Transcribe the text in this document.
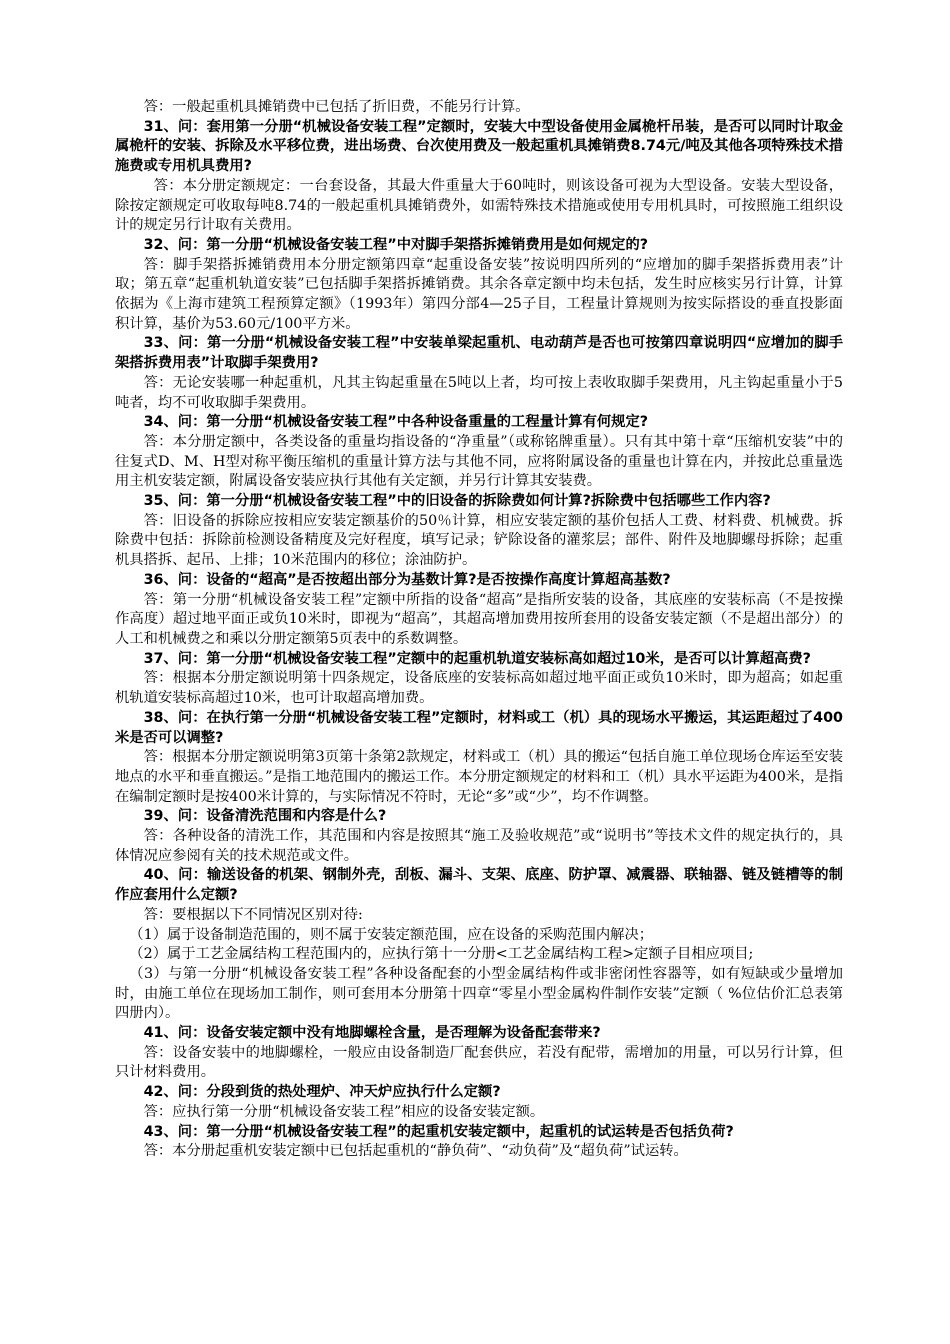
答：一般起重机具摊销费中已包括了折旧费，不能另行计算。

31、问：套用第一分册“机械设备安装工程”定额时，安装大中型设备使用金属桅杆吊装，是否可以同时计取金属桅杆的安装、拆除及水平移位费，进出场费、台次使用费及一般起重机具摊销费8.74元/吨及其他各项特殊技术措施费或专用机具费用?

答：本分册定额规定：一台套设备，其最大件重量大于60吨时，则该设备可视为大型设备。安装大型设备，除按定额规定可收取每吨8.74的一般起重机具摊销费外，如需特殊技术措施或使用专用机具时，可按照施工组织设计的规定另行计取有关费用。

32、问：第一分册“机械设备安装工程”中对脚手架搭拆摊销费用是如何规定的?

答：脚手架搭拆摊销费用本分册定额第四章“起重设备安装”按说明四所列的“应增加的脚手架搭拆费用表”计取；第五章“起重机轨道安装”已包括脚手架搭拆摊销费。其余各章定额中均未包括，发生时应核实另行计算，计算依据为《上海市建筑工程预算定额》（1993年）第四分部4—25子目，工程量计算规则为按实际搭设的垂直投影面积计算，基价为53.60元/100平方米。

33、问：第一分册“机械设备安装工程”中安装单梁起重机、电动葫芦是否也可按第四章说明四“应增加的脚手架搭拆费用表”计取脚手架费用?

答：无论安装哪一种起重机，凡其主钩起重量在5吨以上者，均可按上表收取脚手架费用，凡主钩起重量小于5吨者，均不可收取脚手架费用。

34、问：第一分册“机械设备安装工程”中各种设备重量的工程量计算有何规定?

答：本分册定额中，各类设备的重量均指设备的“净重量”（或称铭牌重量）。只有其中第十章“压缩机安装”中的往复式D、M、H型对称平衡压缩机的重量计算方法与其他不同，应将附属设备的重量也计算在内，并按此总重量选用主机安装定额，附属设备安装应执行其他有关定额，并另行计算其安装费。

35、问：第一分册“机械设备安装工程”中的旧设备的拆除费如何计算?拆除费中包括哪些工作内容?

答：旧设备的拆除应按相应安装定额基价的50％计算，相应安装定额的基价包括人工费、材料费、机械费。拆除费中包括：拆除前检测设备精度及完好程度，填写记录；铲除设备的灌浆层；部件、附件及地脚螺母拆除；起重机具搭拆、起吊、上排；10米范围内的移位；涂油防护。

36、问：设备的“超高”是否按超出部分为基数计算?是否按操作高度计算超高基数?

答：第一分册“机械设备安装工程”定额中所指的设备“超高”是指所安装的设备，其底座的安装标高（不是按操作高度）超过地平面正或负10米时，即视为“超高”，其超高增加费用按所套用的设备安装定额（不是超出部分）的人工和机械费之和乘以分册定额第5页表中的系数调整。

37、问：第一分册“机械设备安装工程”定额中的起重机轨道安装标高如超过10米，是否可以计算超高费?

答：根据本分册定额说明第十四条规定，设备底座的安装标高如超过地平面正或负10米时，即为超高；如起重机轨道安装标高超过10米，也可计取超高增加费。

38、问：在执行第一分册“机械设备安装工程”定额时，材料或工（机）具的现场水平搬运，其运距超过了400米是否可以调整?

答：根据本分册定额说明第3页第十条第2款规定，材料或工（机）具的搬运“包括自施工单位现场仓库运至安装地点的水平和垂直搬运。”是指工地范围内的搬运工作。本分册定额规定的材料和工（机）具水平运距为400米，是指在编制定额时是按400米计算的，与实际情况不符时，无论“多”或“少”，均不作调整。

39、问：设备清洗范围和内容是什么?

答：各种设备的清洗工作，其范围和内容是按照其“施工及验收规范”或“说明书”等技术文件的规定执行的，具体情况应参阅有关的技术规范或文件。

40、问：输送设备的机架、钢制外壳，刮板、漏斗、支架、底座、防护罩、减震器、联轴器、链及链槽等的制作应套用什么定额?

答：要根据以下不同情况区别对待:

（1）属于设备制造范围的，则不属于安装定额范围，应在设备的采购范围内解决；

（2）属于工艺金属结构工程范围内的，应执行第十一分册<工艺金属结构工程>定额子目相应项目;

（3）与第一分册“机械设备安装工程”各种设备配套的小型金属结构件或非密闭性容器等，如有短缺或少量增加时，由施工单位在现场加工制作，则可套用本分册第十四章“零星小型金属构件制作安装”定额（ %位估价汇总表第四册内）。

41、问：设备安装定额中没有地脚螺栓含量，是否理解为设备配套带来?

答：设备安装中的地脚螺栓，一般应由设备制造厂配套供应，若没有配带，需增加的用量，可以另行计算，但只计材料费用。

42、问：分段到货的热处理炉、冲天炉应执行什么定额?

答：应执行第一分册“机械设备安装工程”相应的设备安装定额。

43、问：第一分册“机械设备安装工程”的起重机安装定额中，起重机的试运转是否包括负荷?

答：本分册起重机安装定额中已包括起重机的“静负荷”、“动负荷”及“超负荷”试运转。
